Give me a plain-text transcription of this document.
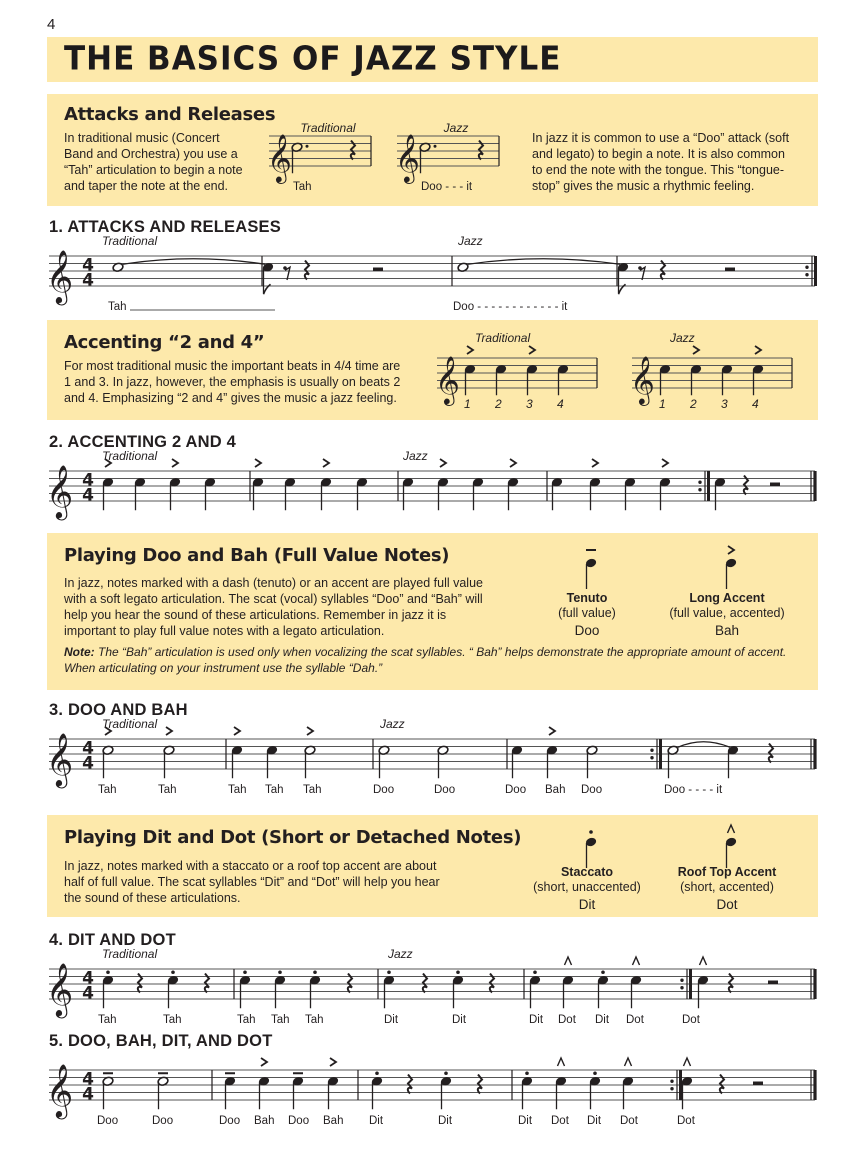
4
THE BASICS OF JAZZ STYLE
Attacks and Releases
In traditional music (Concert
Band and Orchestra) you use a
“Tah” articulation to begin a note
and taper the note at the end.
𝄞
Traditional
Tah
𝄞
Jazz
Doo - - - it
In jazz it is common to use a “Doo” attack (soft
and legato) to begin a note. It is also common
to end the note with the tongue. This “tongue-
stop” gives the music a rhythmic feeling.
1. ATTACKS AND RELEASES
𝄞 4
4
Traditional	Jazz
Tah	Doo - - - - - - - - - - - - it
Accenting “2 and 4”
For most traditional music the important beats in 4/4 time are
1 and 3. In jazz, however, the emphasis is usually on beats 2
and 4. Emphasizing “2 and 4” gives the music a jazz feeling. 𝄞
Traditional
1 2 3 4 𝄞
Jazz
1 2 3 4
2. ACCENTING 2 AND 4
𝄞 4
4
Traditional	Jazz
Playing Doo and Bah (Full Value Notes)
In jazz, notes marked with a dash (tenuto) or an accent are played full value
with a soft legato articulation. The scat (vocal) syllables “Doo” and “Bah” will
help you hear the sound of these articulations. Remember in jazz it is
important to play full value notes with a legato articulation.
Note: The “Bah” articulation is used only when vocalizing the scat syllables. “ Bah” helps demonstrate the appropriate amount of accent.
When articulating on your instrument use the syllable “Dah.”
Tenuto
(full value)
Doo
Long Accent
(full value, accented)
Bah
3. DOO AND BAH
𝄞 4
4
Traditional	Jazz
Tah	Tah	Tah Tah Tah	Doo	Doo	Doo Bah Doo	Doo - - - - it
Playing Dit and Dot (Short or Detached Notes)
In jazz, notes marked with a staccato or a roof top accent are about
half of full value. The scat syllables “Dit” and “Dot” will help you hear
the sound of these articulations.
Staccato
(short, unaccented)
Dit
Roof Top Accent
(short, accented)
Dot
4. DIT AND DOT
𝄞 4
4
Traditional	Jazz
Tah	Tah	Tah Tah Tah	Dit	Dit	Dit Dot Dit Dot	Dot
5. DOO, BAH, DIT, AND DOT
𝄞 4
4
Doo	Doo	Doo Bah Doo Bah Dit	Dit	Dit Dot Dit Dot	Dot
